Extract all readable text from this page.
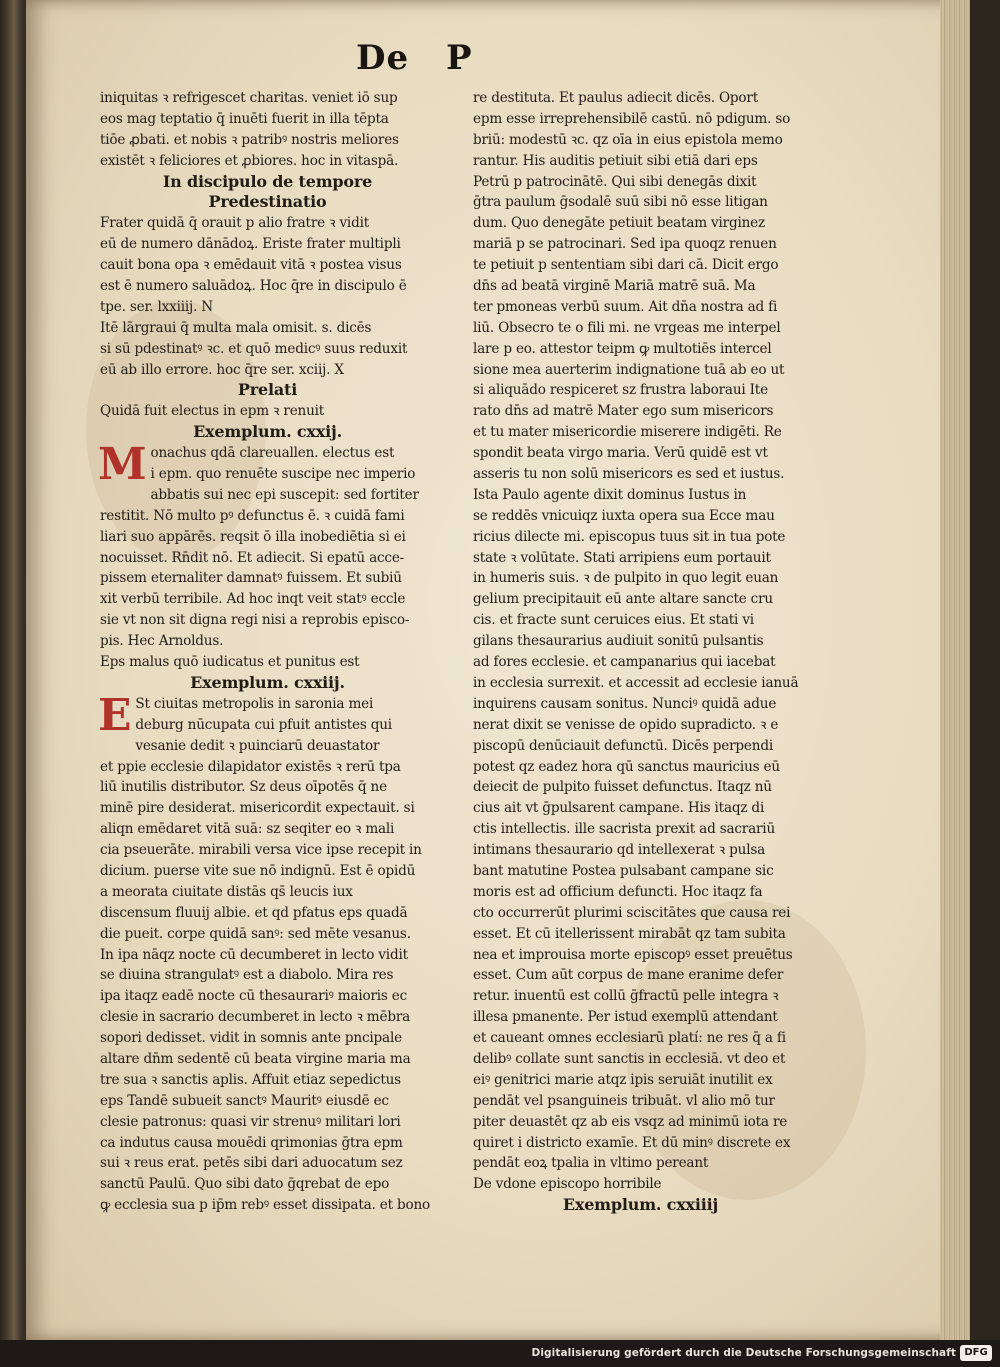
De P
iniquitas ꝛ refrigescet charitas. veniet iō sup
eos mag teptatio q̄ inuēti fuerit in illa tēpta
tiōe ꝓbati. et nobis ꝛ patribꝰ nostris meliores
existēt ꝛ feliciores et ꝓbiores. hoc in vitaspā.
In discipulo de tempore
Predestinatio
Frater quidā q̄ orauit p alio fratre ꝛ vidit
eū de numero dānādoꝝ. Eriste frater multipli
cauit bona opa ꝛ emēdauit vitā ꝛ postea visus
est ē numero saluādoꝝ. Hoc q̄re in discipulo ē
tpe. ser. lxxiiij. N
Itē lārgraui q̄ multa mala omisit. s. dicēs
si sū pdestinatꝰ ꝛc. et quō medicꝰ suus reduxit
eū ab illo errore. hoc q̄re ser. xciij. X
Prelati
Quidā fuit electus in epm ꝛ renuit
Exemplum. cxxij.
Monachus qdā clareuallen. electus est
i epm. quo renuēte suscipe nec imperio
abbatis sui nec epi suscepit: sed fortiter
restitit. Nō multo pꝰ defunctus ē. ꝛ cuidā fami
liari suo appārēs. reqsit ō illa inobediētia si ei
nocuisset. Rn̄dit nō. Et adiecit. Si epatū acce-
pissem eternaliter damnatꝰ fuissem. Et subiū
xit verbū terribile. Ad hoc inqt veit statꝰ eccle
sie vt non sit digna regi nisi a reprobis episco-
pis. Hec Arnoldus.
Eps malus quō iudicatus et punitus est
Exemplum. cxxiij.
E St ciuitas metropolis in saronia mei
deburg nūcupata cui pfuit antistes qui
vesanie dedit ꝛ puinciarū deuastator
et ppie ecclesie dilapidator existēs ꝛ rerū tpa
liū inutilis distributor. Sz deus oīpotēs q̄ ne
minē pire desiderat. misericordit expectauit. si
aliqn emēdaret vitā suā: sz seqiter eo ꝛ mali
cia pseuerāte. mirabili versa vice ipse recepit in
dicium. puerse vite sue nō indignū. Est ē opidū
a meorata ciuitate distās qs̄ leucis iux
discensum fluuij albie. et qd pfatus eps quadā
die pueit. corpe quidā sanꝰ: sed mēte vesanus.
In ipa nāqz nocte cū decumberet in lecto vidit
se diuina strangulatꝰ est a diabolo. Mira res
ipa itaqz eadē nocte cū thesaurariꝰ maioris ec
clesie in sacrario decumberet in lecto ꝛ mēbra
sopori dedisset. vidit in somnis ante pncipale
altare dn̄m sedentē cū beata virgine maria ma
tre sua ꝛ sanctis aplis. Affuit etiaz sepedictus
eps Tandē subueit sanctꝰ Mauritꝰ eiusdē ec
clesie patronus: quasi vir strenuꝰ militari lori
ca indutus causa mouēdi qrimonias ḡtra epm
sui ꝛ reus erat. petēs sibi dari aduocatum sez
sanctū Paulū. Quo sibi dato ḡqrebat de epo
ꝙ ecclesia sua p ip̄m rebꝰ esset dissipata. et bono
re destituta. Et paulus adiecit dicēs. Oport
epm esse irreprehensibilē castū. nō pdigum. so
briū: modestū ꝛc. qz oīa in eius epistola memo
rantur. His auditis petiuit sibi etiā dari eps
Petrū p patrocinātē. Qui sibi denegās dixit
ḡtra paulum ḡsodalē suū sibi nō esse litigan
dum. Quo denegāte petiuit beatam virginez
mariā p se patrocinari. Sed ipa quoqz renuen
te petiuit p sententiam sibi dari cā. Dicit ergo
dn̄s ad beatā virginē Mariā matrē suā. Ma
ter pmoneas verbū suum. Ait dn̄a nostra ad fi
liū. Obsecro te o fili mi. ne vrgeas me interpel
lare p eo. attestor teipm ꝙ multotiēs intercel
sione mea auerterim indignatione tuā ab eo ut
si aliquādo respiceret sz frustra laboraui Ite
rato dn̄s ad matrē Mater ego sum misericors
et tu mater misericordie miserere indigēti. Re
spondit beata virgo maria. Verū quidē est vt
asseris tu non solū misericors es sed et iustus.
Ista Paulo agente dixit dominus Iustus in
se reddēs vnicuiqz iuxta opera sua Ecce mau
ricius dilecte mi. episcopus tuus sit in tua pote
state ꝛ volūtate. Stati arripiens eum portauit
in humeris suis. ꝛ de pulpito in quo legit euan
gelium precipitauit eū ante altare sancte cru
cis. et fracte sunt ceruices eius. Et stati vi
gilans thesaurarius audiuit sonitū pulsantis
ad fores ecclesie. et campanarius qui iacebat
in ecclesia surrexit. et accessit ad ecclesie ianuā
inquirens causam sonitus. Nunciꝰ quidā adue
nerat dixit se venisse de opido supradicto. ꝛ e
piscopū denūciauit defunctū. Dicēs perpendi
potest qz eadez hora qū sanctus mauricius eū
deiecit de pulpito fuisset defunctus. Itaqz nū
cius ait vt ḡpulsarent campane. His itaqz di
ctis intellectis. ille sacrista prexit ad sacrariū
intimans thesaurario qd intellexerat ꝛ pulsa
bant matutine Postea pulsabant campane sic
moris est ad officium defuncti. Hoc itaqz fa
cto occurrerūt plurimi sciscitātes que causa rei
esset. Et cū itellerissent mirabāt qz tam subita
nea et improuisa morte episcopꝰ esset preuētus
esset. Cum aūt corpus de mane eranime defer
retur. inuentū est collū ḡfractū pelle integra ꝛ
illesa pmanente. Per istud exemplū attendant
et caueant omnes ecclesiarū platí: ne res q̄ a fi
delibꝰ collate sunt sanctis in ecclesiā. vt deo et
eiꝰ genitrici marie atqz ipis seruiāt inutilit ex
pendāt vel psanguineis tribuāt. vl alio mō tur
piter deuastēt qz ab eis vsqz ad minimū iota re
quiret i districto examīe. Et dū minꝰ discrete ex
pendāt eoꝝ tpalia in vltimo pereant
De vdone episcopo horribile
Exemplum. cxxiiij
Digitalisierung gefördert durch die Deutsche Forschungsgemeinschaft DFG
